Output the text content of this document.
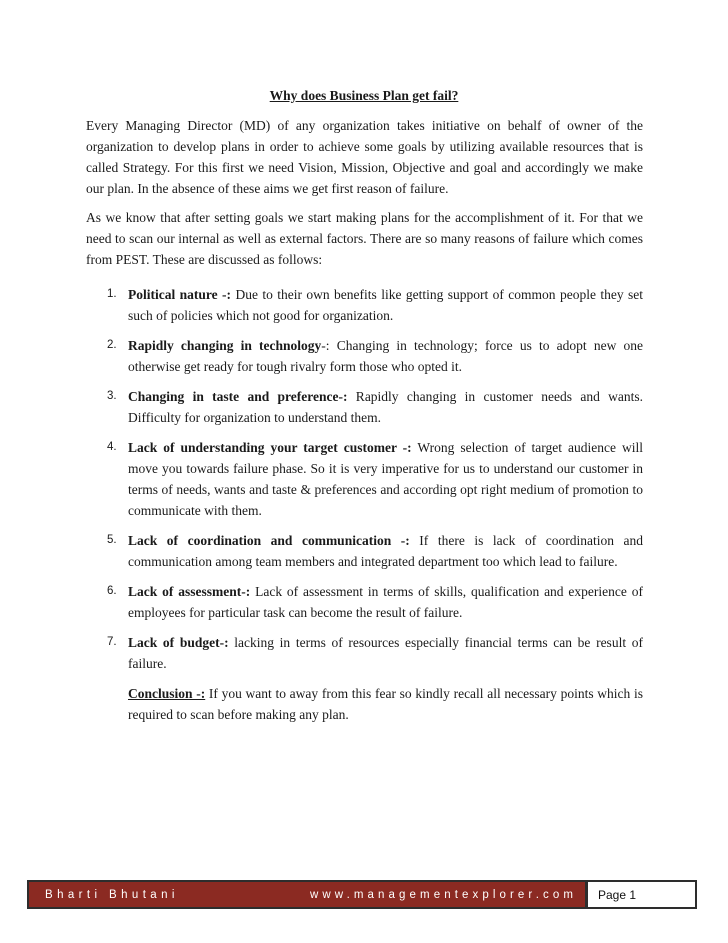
Why does Business Plan get fail?

Every Managing Director (MD) of any organization takes initiative on behalf of owner of the organization to develop plans in order to achieve some goals by utilizing available resources that is called Strategy. For this first we need Vision, Mission, Objective and goal and accordingly we make our plan. In the absence of these aims we get first reason of failure.

As we know that after setting goals we start making plans for the accomplishment of it. For that we need to scan our internal as well as external factors. There are so many reasons of failure which comes from PEST. These are discussed as follows:

1. Political nature -: Due to their own benefits like getting support of common people they set such of policies which not good for organization.
2. Rapidly changing in technology-: Changing in technology; force us to adopt new one otherwise get ready for tough rivalry form those who opted it.
3. Changing in taste and preference-: Rapidly changing in customer needs and wants. Difficulty for organization to understand them.
4. Lack of understanding your target customer -: Wrong selection of target audience will move you towards failure phase. So it is very imperative for us to understand our customer in terms of needs, wants and taste & preferences and according opt right medium of promotion to communicate with them.
5. Lack of coordination and communication -: If there is lack of coordination and communication among team members and integrated department too which lead to failure.
6. Lack of assessment-: Lack of assessment in terms of skills, qualification and experience of employees for particular task can become the result of failure.
7. Lack of budget-: lacking in terms of resources especially financial terms can be result of failure.

Conclusion -: If you want to away from this fear so kindly recall all necessary points which is required to scan before making any plan.

Bharti Bhutani	www.managementexplorer.com Page 1
